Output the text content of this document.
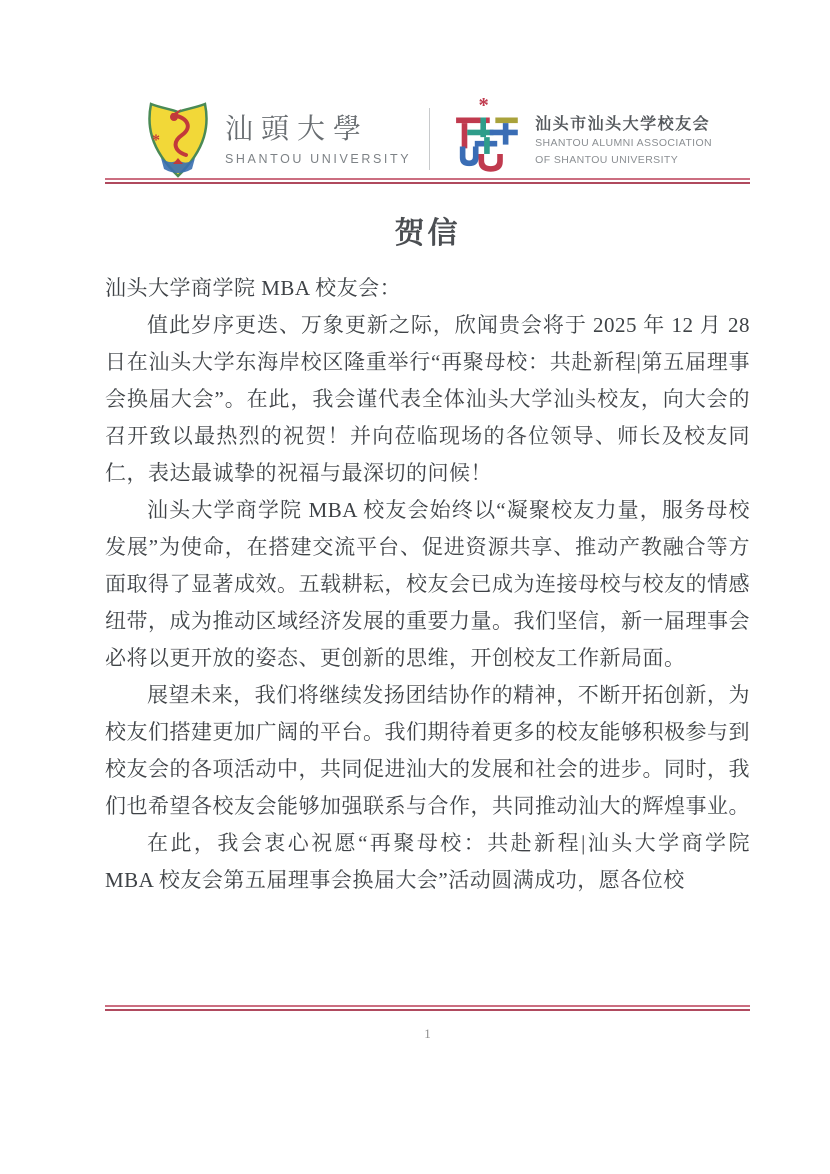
* 汕頭大學
SHANTOU UNIVERSITY
*
汕头市汕头大学校友会
SHANTOU ALUMNI ASSOCIATION
OF SHANTOU UNIVERSITY
贺信
汕头大学商学院 MBA 校友会：

值此岁序更迭、万象更新之际，欣闻贵会将于 2025 年 12 月 28 日在汕头大学东海岸校区隆重举行“再聚母校：共赴新程|第五届理事会换届大会”。在此，我会谨代表全体汕头大学汕头校友，向大会的召开致以最热烈的祝贺！并向莅临现场的各位领导、师长及校友同仁，表达最诚挚的祝福与最深切的问候！

汕头大学商学院 MBA 校友会始终以“凝聚校友力量，服务母校发展”为使命，在搭建交流平台、促进资源共享、推动产教融合等方面取得了显著成效。五载耕耘，校友会已成为连接母校与校友的情感纽带，成为推动区域经济发展的重要力量。我们坚信，新一届理事会必将以更开放的姿态、更创新的思维，开创校友工作新局面。

展望未来，我们将继续发扬团结协作的精神，不断开拓创新，为校友们搭建更加广阔的平台。我们期待着更多的校友能够积极参与到校友会的各项活动中，共同促进汕大的发展和社会的进步。同时，我们也希望各校友会能够加强联系与合作，共同推动汕大的辉煌事业。

在此，我会衷心祝愿“再聚母校：共赴新程|汕头大学商学院 MBA 校友会第五届理事会换届大会”活动圆满成功，愿各位校

1
